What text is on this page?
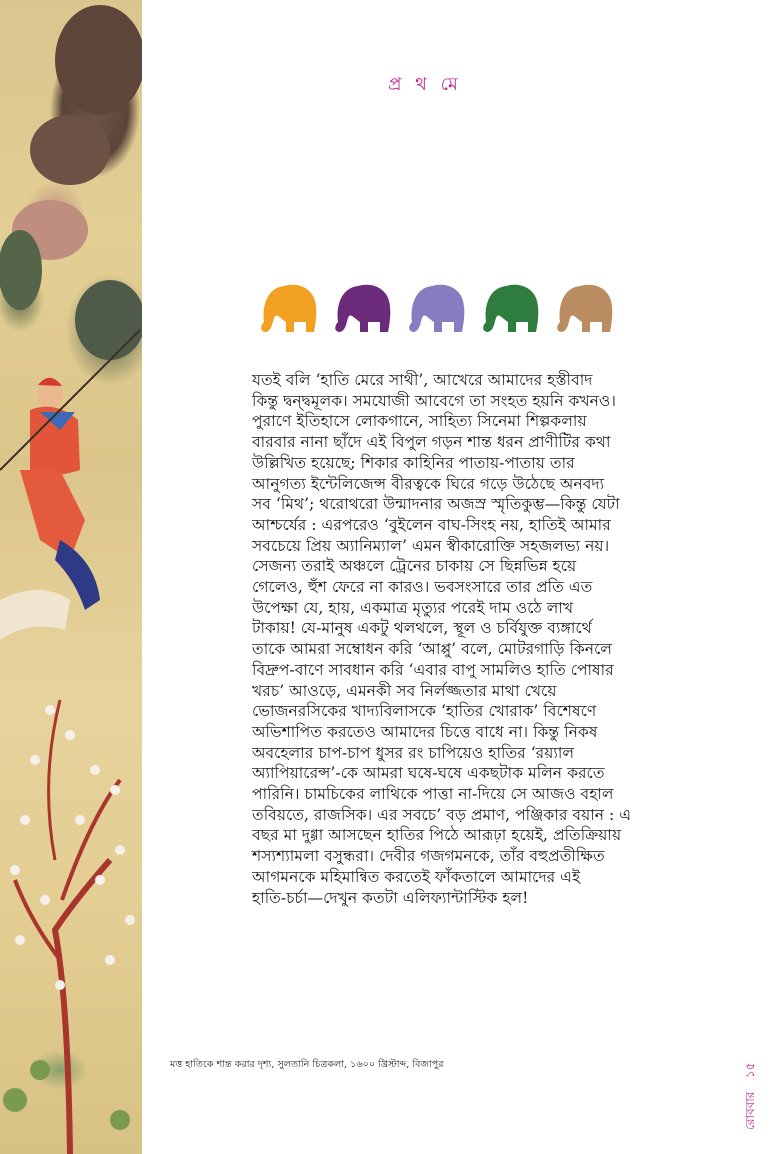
প্র থ মে

যতই বলি ‘হাতি মেরে সাথী’, আখেরে আমাদের হস্তীবাদ
কিন্তু দ্বন্দ্বমূলক। সমযোজী আবেগে তা সংহত হয়নি কখনও।
পুরাণে ইতিহাসে লোকগানে, সাহিত্য সিনেমা শিল্পকলায়
বারবার নানা ছাঁদে এই বিপুল গড়ন শান্ত ধরন প্রাণীটির কথা
উল্লিখিত হয়েছে; শিকার কাহিনির পাতায়-পাতায় তার
আনুগত্য ইন্টেলিজেন্স বীরত্বকে ঘিরে গড়ে উঠেছে অনবদ্য
সব ‘মিথ’; থরোথরো উন্মাদনার অজস্র স্মৃতিকুম্ভ—কিন্তু যেটা
আশ্চর্যের : এরপরেও ‘বুইলেন বাঘ-সিংহ নয়, হাতিই আমার
সবচেয়ে প্রিয় অ্যানিম্যাল’ এমন স্বীকারোক্তি সহজলভ্য নয়।
সেজন্য তরাই অঞ্চলে ট্রেনের চাকায় সে ছিন্নভিন্ন হয়ে
গেলেও, হুঁশ ফেরে না কারও। ভবসংসারে তার প্রতি এত
উপেক্ষা যে, হায়, একমাত্র মৃত্যুর পরেই দাম ওঠে লাখ
টাকায়! যে-মানুষ একটু থলথলে, স্থূল ও চর্বিযুক্ত ব্যঙ্গার্থে
তাকে আমরা সম্বোধন করি ‘আপ্পু’ বলে, মোটরগাড়ি কিনলে
বিদ্রুপ-বাণে সাবধান করি ‘এবার বাপু সামলিও হাতি পোষার
খরচ’ আওড়ে, এমনকী সব নির্লজ্জতার মাথা খেয়ে
ভোজনরসিকের খাদ্যবিলাসকে ‘হাতির খোরাক’ বিশেষণে
অভিশাপিত করতেও আমাদের চিত্তে বাধে না। কিন্তু নিকষ
অবহেলার চাপ-চাপ ধুসর রং চাপিয়েও হাতির ‘রয়্যাল
অ্যাপিয়ারেন্স’-কে আমরা ঘষে-ঘষে একছটাক মলিন করতে
পারিনি। চামচিকের লাথিকে পাত্তা না-দিয়ে সে আজও বহাল
তবিয়তে, রাজসিক। এর সবচে’ বড় প্রমাণ, পঞ্জিকার বয়ান : এ
বছর মা দুগ্গা আসছেন হাতির পিঠে আরূঢ়া হয়েই, প্রতিক্রিয়ায়
শস্যশ্যামলা বসুন্ধরা। দেবীর গজগমনকে, তাঁর বহুপ্রতীক্ষিত
আগমনকে মহিমান্বিত করতেই ফাঁকতালে আমাদের এই
হাতি-চর্চা—দেখুন কতটা এলিফ্যান্টাস্টিক হল!

মত্ত হাতিকে শান্ত করার দৃশ্য, সুলতানি চিত্রকলা, ১৬০০ খ্রিস্টাব্দ, বিজাপুর
রোববার
১৫
